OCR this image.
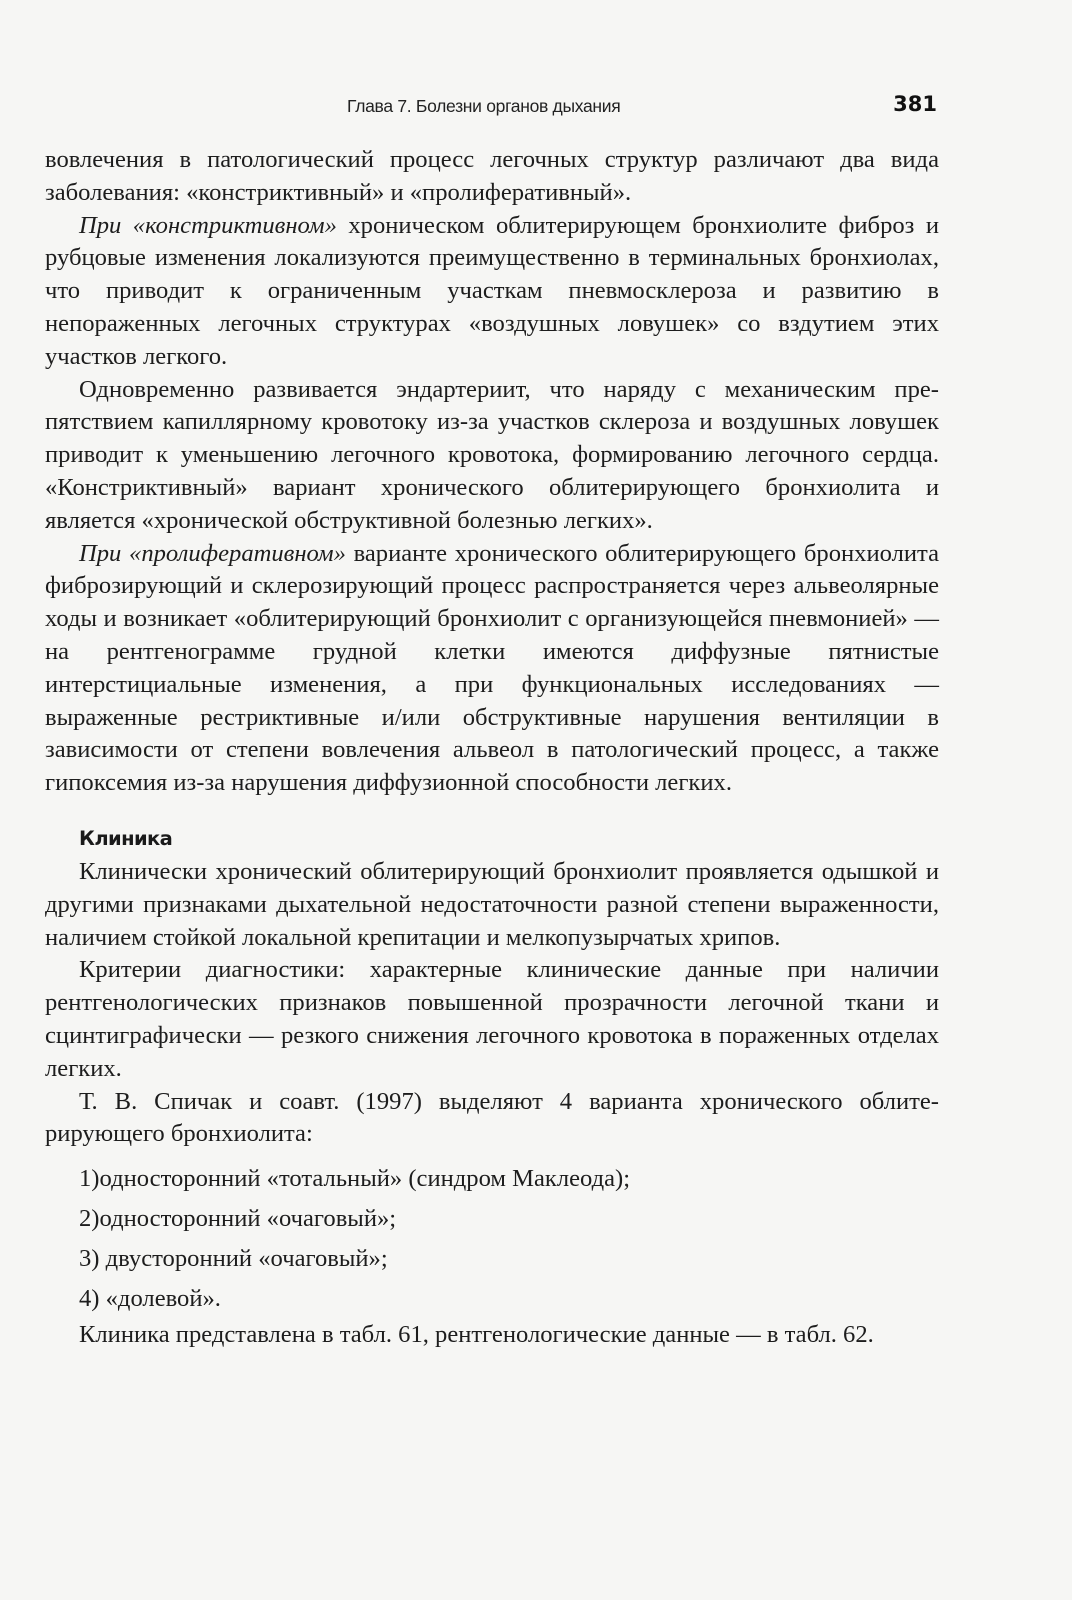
Глава 7. Болезни органов дыхания	381

вовлечения в патологический процесс легочных структур различают два вида заболевания: «констриктивный» и «пролиферативный».

При «констриктивном» хроническом облитерирующем бронхиолите фиброз и рубцовые изменения локализуются преимущественно в терминальных бронхиолах, что приводит к ограниченным участкам пневмосклероза и развитию в непораженных легочных структурах «воздушных ловушек» со вздутием этих участков легкого.

Одновременно развивается эндартериит, что наряду с механическим препятствием капиллярному кровотоку из-за участков склероза и воздушных ловушек приводит к уменьшению легочного кровотока, формированию легочного сердца. «Констриктивный» вариант хронического облитерирующего бронхиолита и является «хронической обструктивной болезнью легких».

При «пролиферативном» варианте хронического облитерирующего бронхиолита фиброзирующий и склерозирующий процесс распространяется через альвеолярные ходы и возникает «облитерирующий бронхиолит с организующейся пневмонией» — на рентгенограмме грудной клетки имеются диффузные пятнистые интерстициальные изменения, а при функциональных исследованиях — выраженные рестриктивные и/или обструктивные нарушения вентиляции в зависимости от степени вовлечения альвеол в патологический процесс, а также гипоксемия из-за нарушения диффузионной способности легких.

Клиника

Клинически хронический облитерирующий бронхиолит проявляется одышкой и другими признаками дыхательной недостаточности разной степени выраженности, наличием стойкой локальной крепитации и мелкопузырчатых хрипов.

Критерии диагностики: характерные клинические данные при наличии рентгенологических признаков повышенной прозрачности легочной ткани и сцинтиграфически — резкого снижения легочного кровотока в пораженных отделах легких.

Т. В. Спичак и соавт. (1997) выделяют 4 варианта хронического облитерирующего бронхиолита:

1)односторонний «тотальный» (синдром Маклеода);
2)односторонний «очаговый»;
3) двусторонний «очаговый»;
4) «долевой».

Клиника представлена в табл. 61, рентгенологические данные — в табл. 62.
